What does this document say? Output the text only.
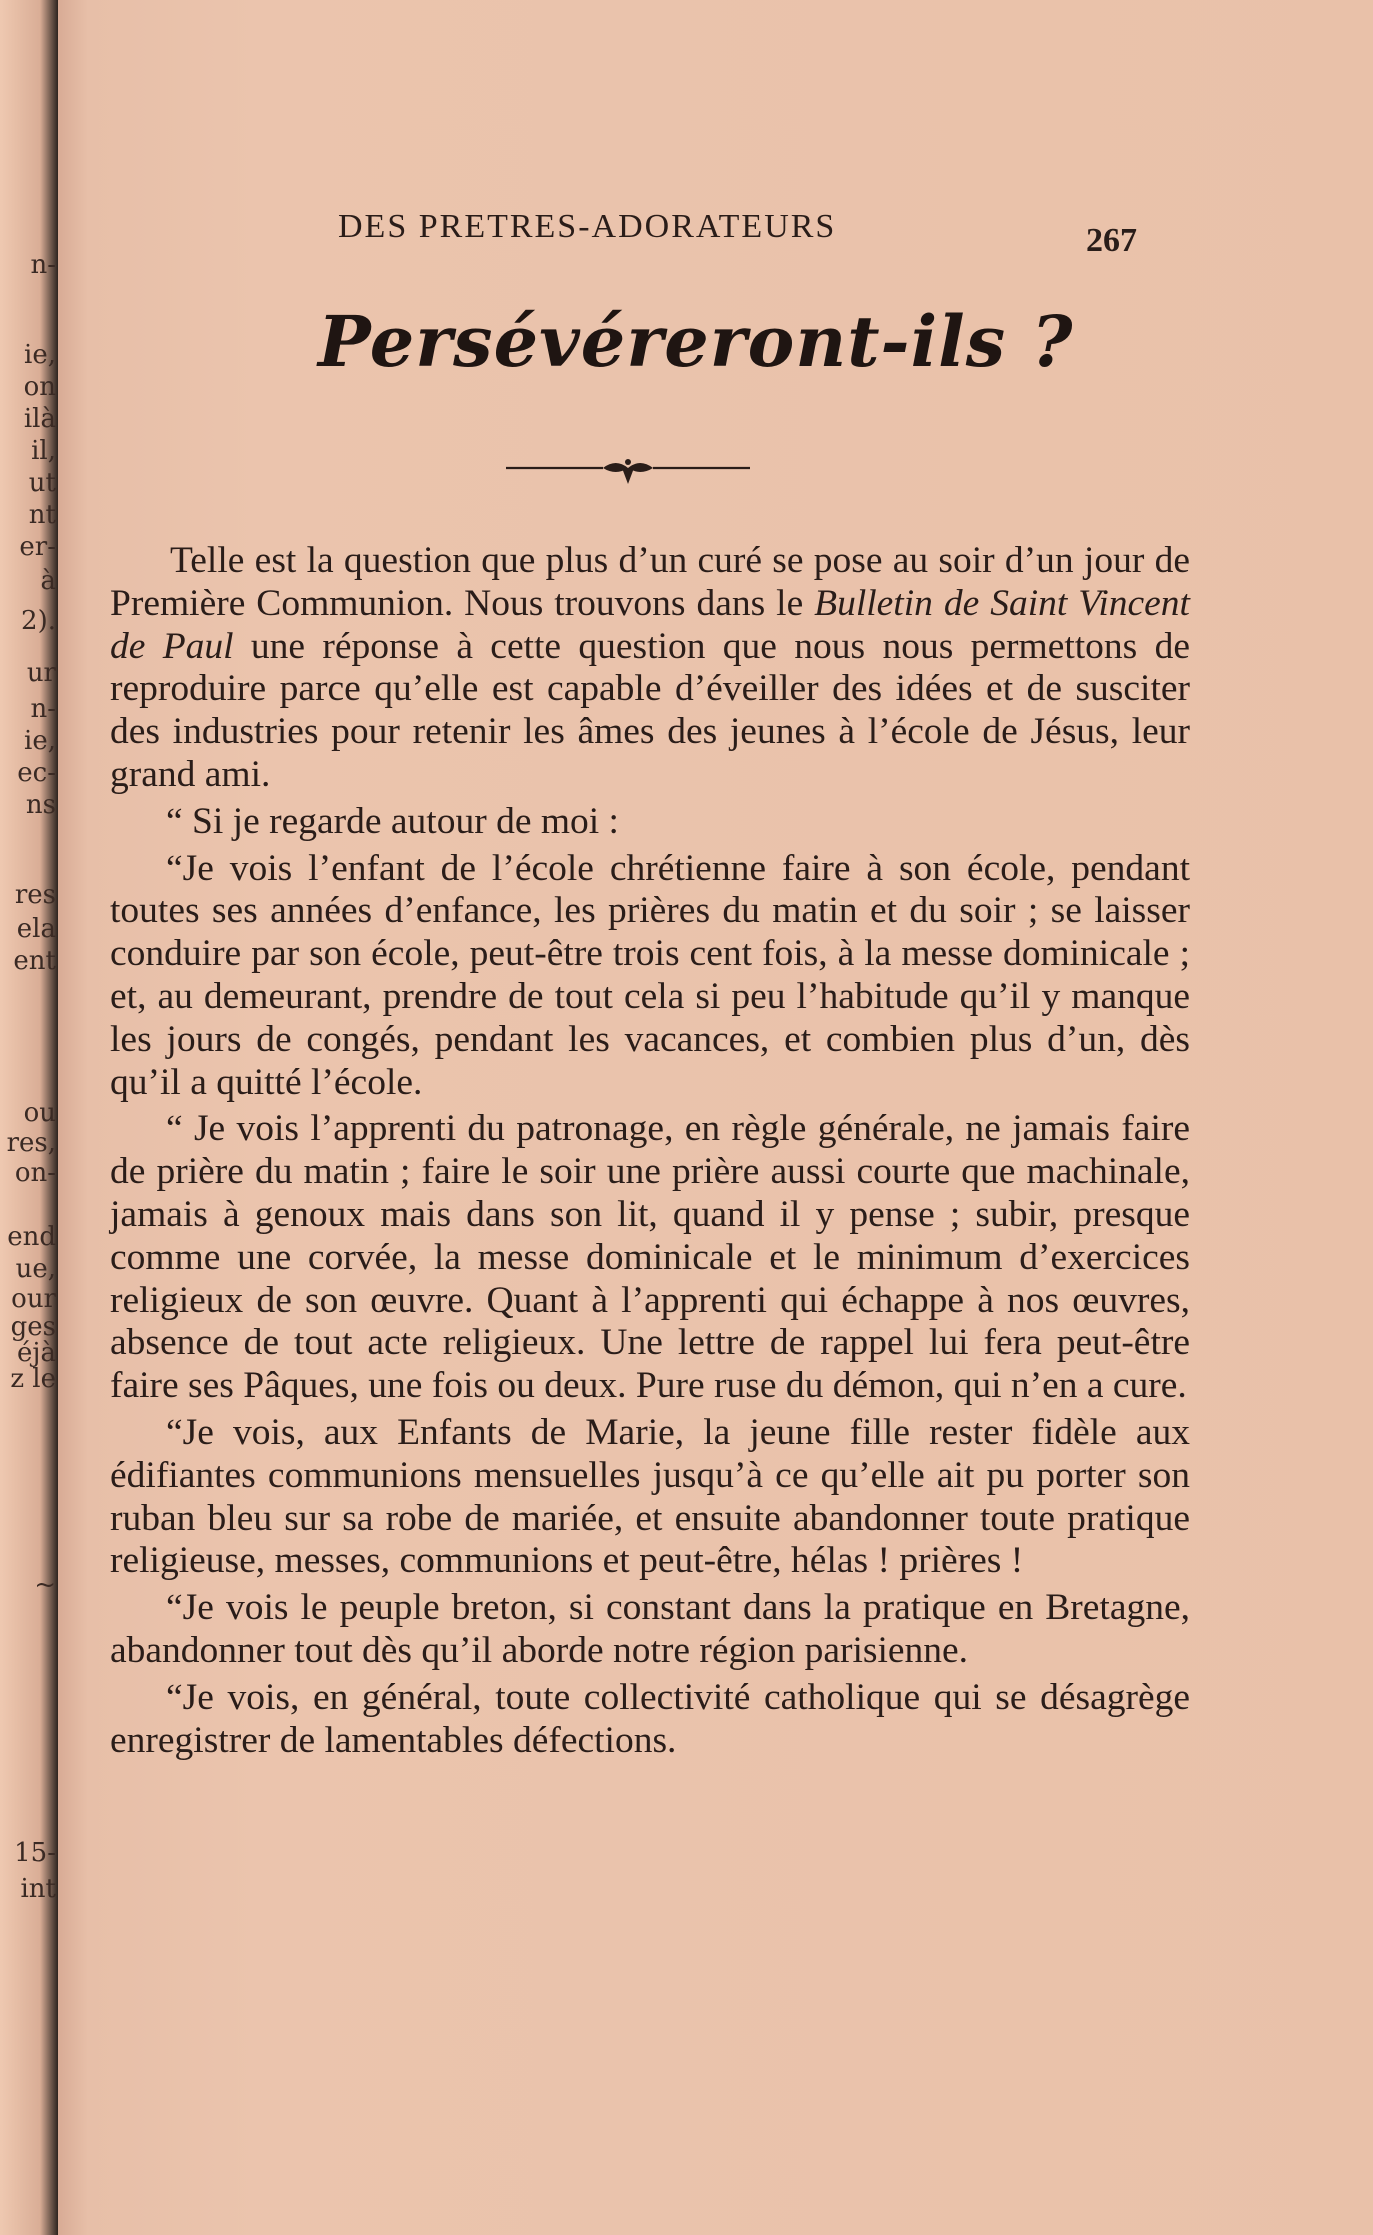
n-
ie,
on
ilà
il,
ut
nt
er-
à
2).
ur
n-
ie,
ec-
ns
res
ela
ent
ou
res,
on-
end
ue,
our
ges
éjà
z le
~
15-
int
DES PRETRES-ADORATEURS	267
Persévéreront-ils ?

Telle est la question que plus d’un curé se pose au soir d’un jour de Première Communion. Nous trouvons dans le Bulletin de Saint Vincent de Paul une réponse à cette question que nous nous permettons de reproduire parce qu’elle est capable d’éveiller des idées et de susciter des industries pour retenir les âmes des jeunes à l’école de Jésus, leur grand ami.

“ Si je regarde autour de moi :

“Je vois l’enfant de l’école chrétienne faire à son école, pendant toutes ses années d’enfance, les prières du matin et du soir ; se laisser conduire par son école, peut-être trois cent fois, à la messe dominicale ; et, au demeurant, prendre de tout cela si peu l’habitude qu’il y manque les jours de congés, pendant les vacances, et combien plus d’un, dès qu’il a quitté l’école.

“ Je vois l’apprenti du patronage, en règle générale, ne jamais faire de prière du matin ; faire le soir une prière aussi courte que machinale, jamais à genoux mais dans son lit, quand il y pense ; subir, presque comme une corvée, la messe dominicale et le minimum d’exercices religieux de son œuvre. Quant à l’apprenti qui échappe à nos œuvres, absence de tout acte religieux. Une lettre de rappel lui fera peut-être faire ses Pâques, une fois ou deux. Pure ruse du démon, qui n’en a cure.

“Je vois, aux Enfants de Marie, la jeune fille rester fidèle aux édifiantes communions mensuelles jusqu’à ce qu’elle ait pu porter son ruban bleu sur sa robe de mariée, et ensuite abandonner toute pratique religieuse, messes, communions et peut-être, hélas ! prières !

“Je vois le peuple breton, si constant dans la pratique en Bretagne, abandonner tout dès qu’il aborde notre région parisienne.

“Je vois, en général, toute collectivité catholique qui se désagrège enregistrer de lamentables défections.
